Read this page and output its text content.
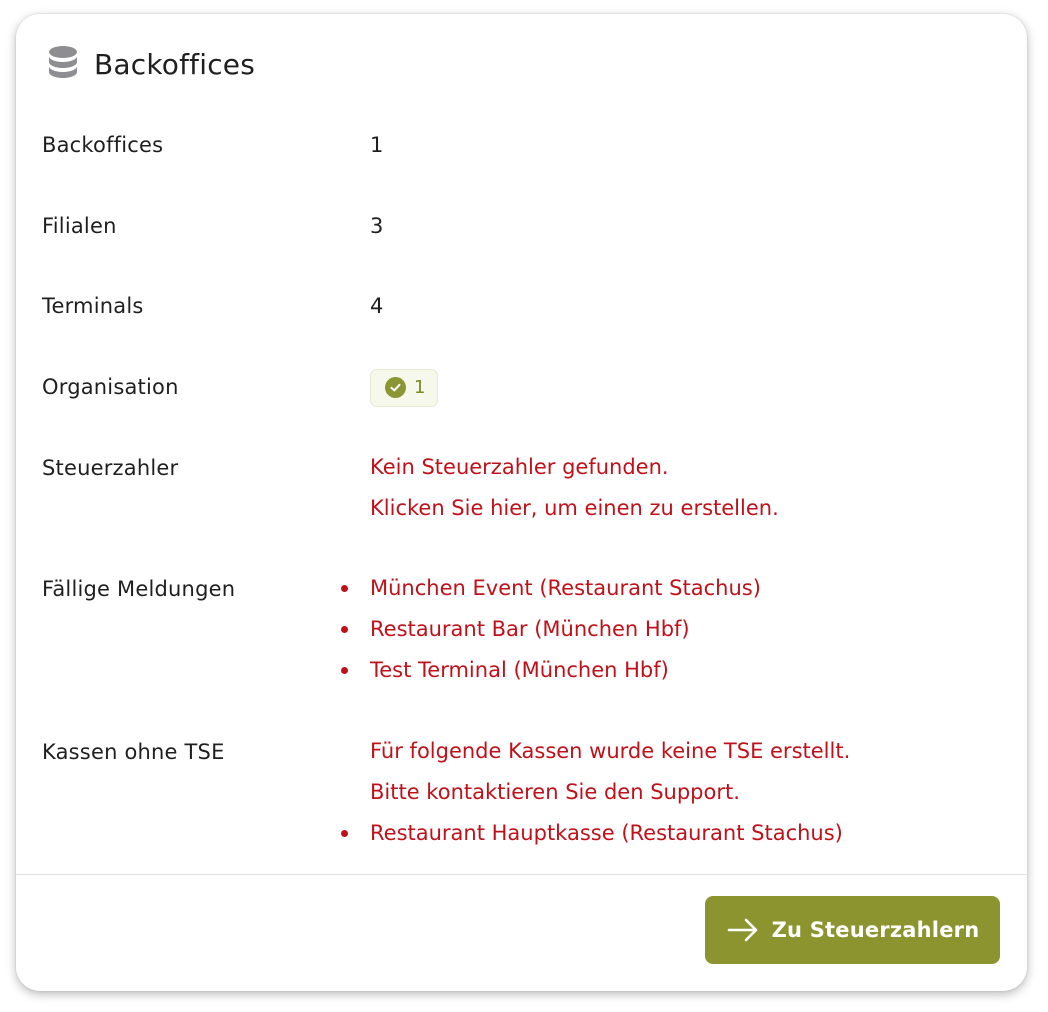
Backoffices
Backoffices	1
Filialen	3
Terminals	4
Organisation	1
Steuerzahler	Kein Steuerzahler gefunden.
Klicken Sie hier, um einen zu erstellen.
Fällige Meldungen	München Event (Restaurant Stachus)
Restaurant Bar (München Hbf)
Test Terminal (München Hbf)
Kassen ohne TSE	Für folgende Kassen wurde keine TSE erstellt.
Bitte kontaktieren Sie den Support.
Restaurant Hauptkasse (Restaurant Stachus)
Zu Steuerzahlern
